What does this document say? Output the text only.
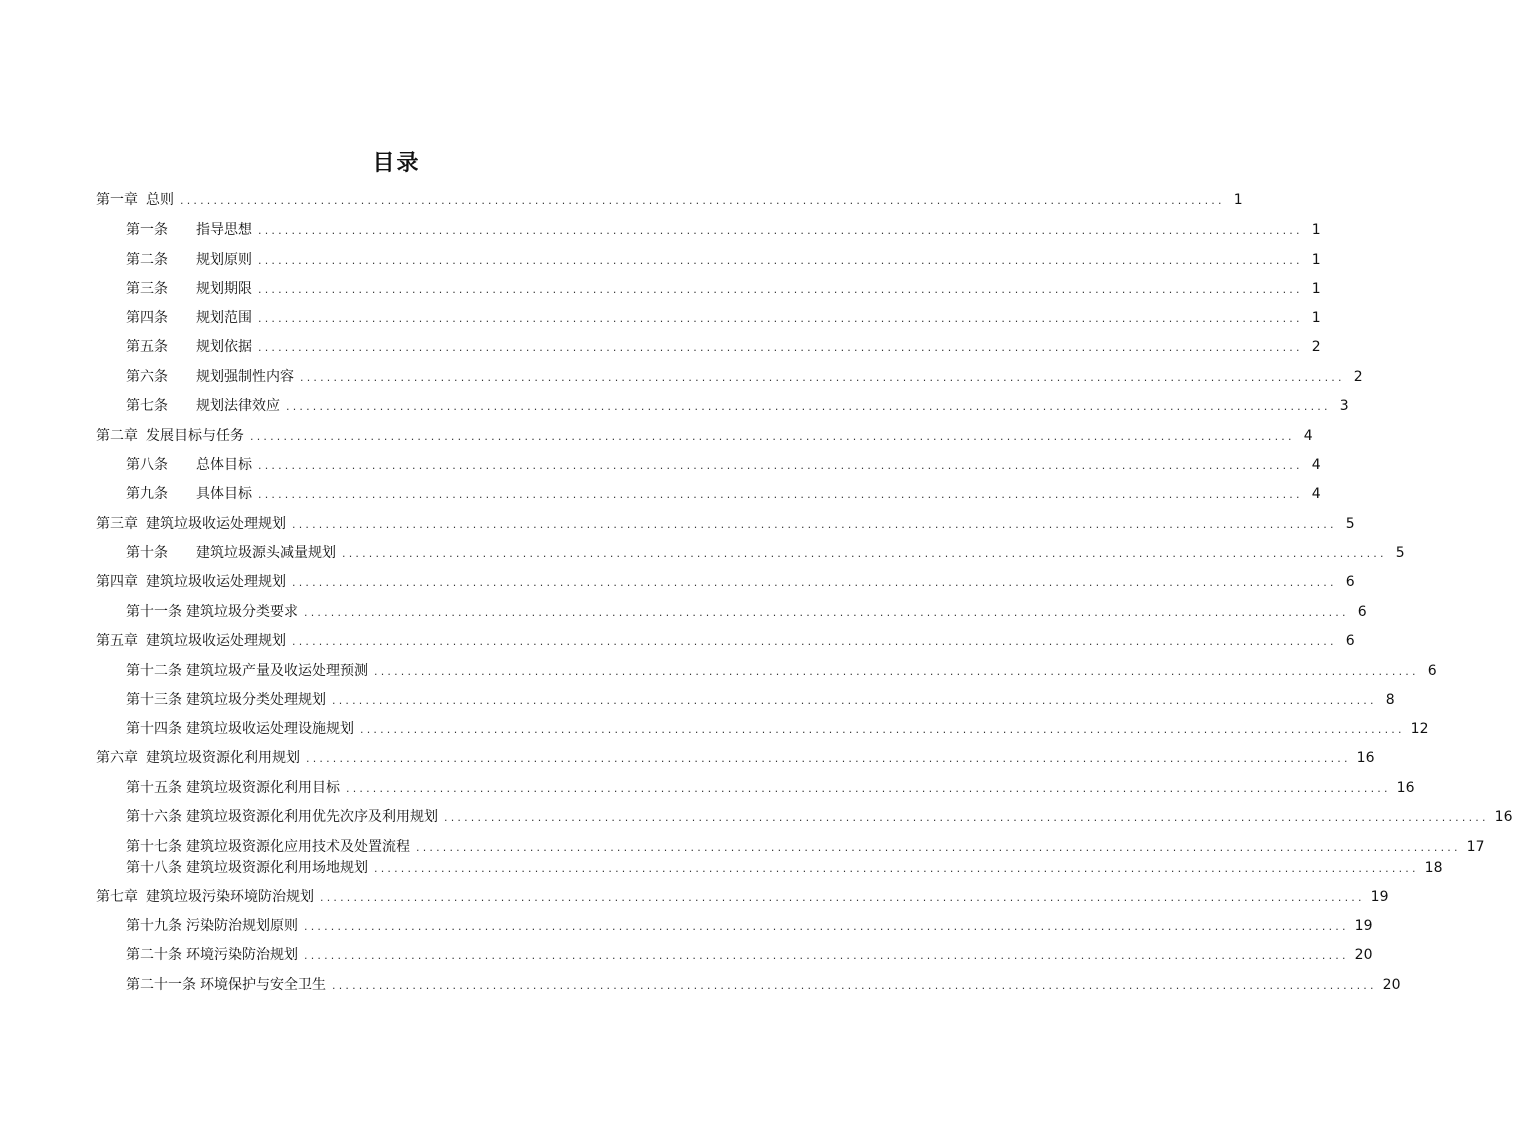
目录
第一章 总则 ............................................................................................................................................................ 1
第一条 指导思想 ............................................................................................................................................................ 1
第二条 规划原则 ............................................................................................................................................................ 1
第三条 规划期限 ............................................................................................................................................................ 1
第四条 规划范围 ............................................................................................................................................................ 1
第五条 规划依据 ............................................................................................................................................................ 2
第六条 规划强制性内容 ............................................................................................................................................................ 2
第七条 规划法律效应 ............................................................................................................................................................ 3
第二章 发展目标与任务 ............................................................................................................................................................ 4
第八条 总体目标 ............................................................................................................................................................ 4
第九条 具体目标 ............................................................................................................................................................ 4
第三章 建筑垃圾收运处理规划 ............................................................................................................................................................ 5
第十条 建筑垃圾源头减量规划 ............................................................................................................................................................ 5
第四章 建筑垃圾收运处理规划 ............................................................................................................................................................ 6
第十一条 建筑垃圾分类要求 ............................................................................................................................................................ 6
第五章 建筑垃圾收运处理规划 ............................................................................................................................................................ 6
第十二条 建筑垃圾产量及收运处理预测 ............................................................................................................................................................ 6
第十三条 建筑垃圾分类处理规划 ............................................................................................................................................................ 8
第十四条 建筑垃圾收运处理设施规划 ............................................................................................................................................................ 12
第六章 建筑垃圾资源化利用规划 ............................................................................................................................................................ 16
第十五条 建筑垃圾资源化利用目标 ............................................................................................................................................................ 16
第十六条 建筑垃圾资源化利用优先次序及利用规划 ............................................................................................................................................................ 16
第十七条 建筑垃圾资源化应用技术及处置流程 ............................................................................................................................................................ 17
第十八条 建筑垃圾资源化利用场地规划 ............................................................................................................................................................ 18
第七章 建筑垃圾污染环境防治规划 ............................................................................................................................................................ 19
第十九条 污染防治规划原则 ............................................................................................................................................................ 19
第二十条 环境污染防治规划 ............................................................................................................................................................ 20
第二十一条 环境保护与安全卫生 ............................................................................................................................................................ 20
